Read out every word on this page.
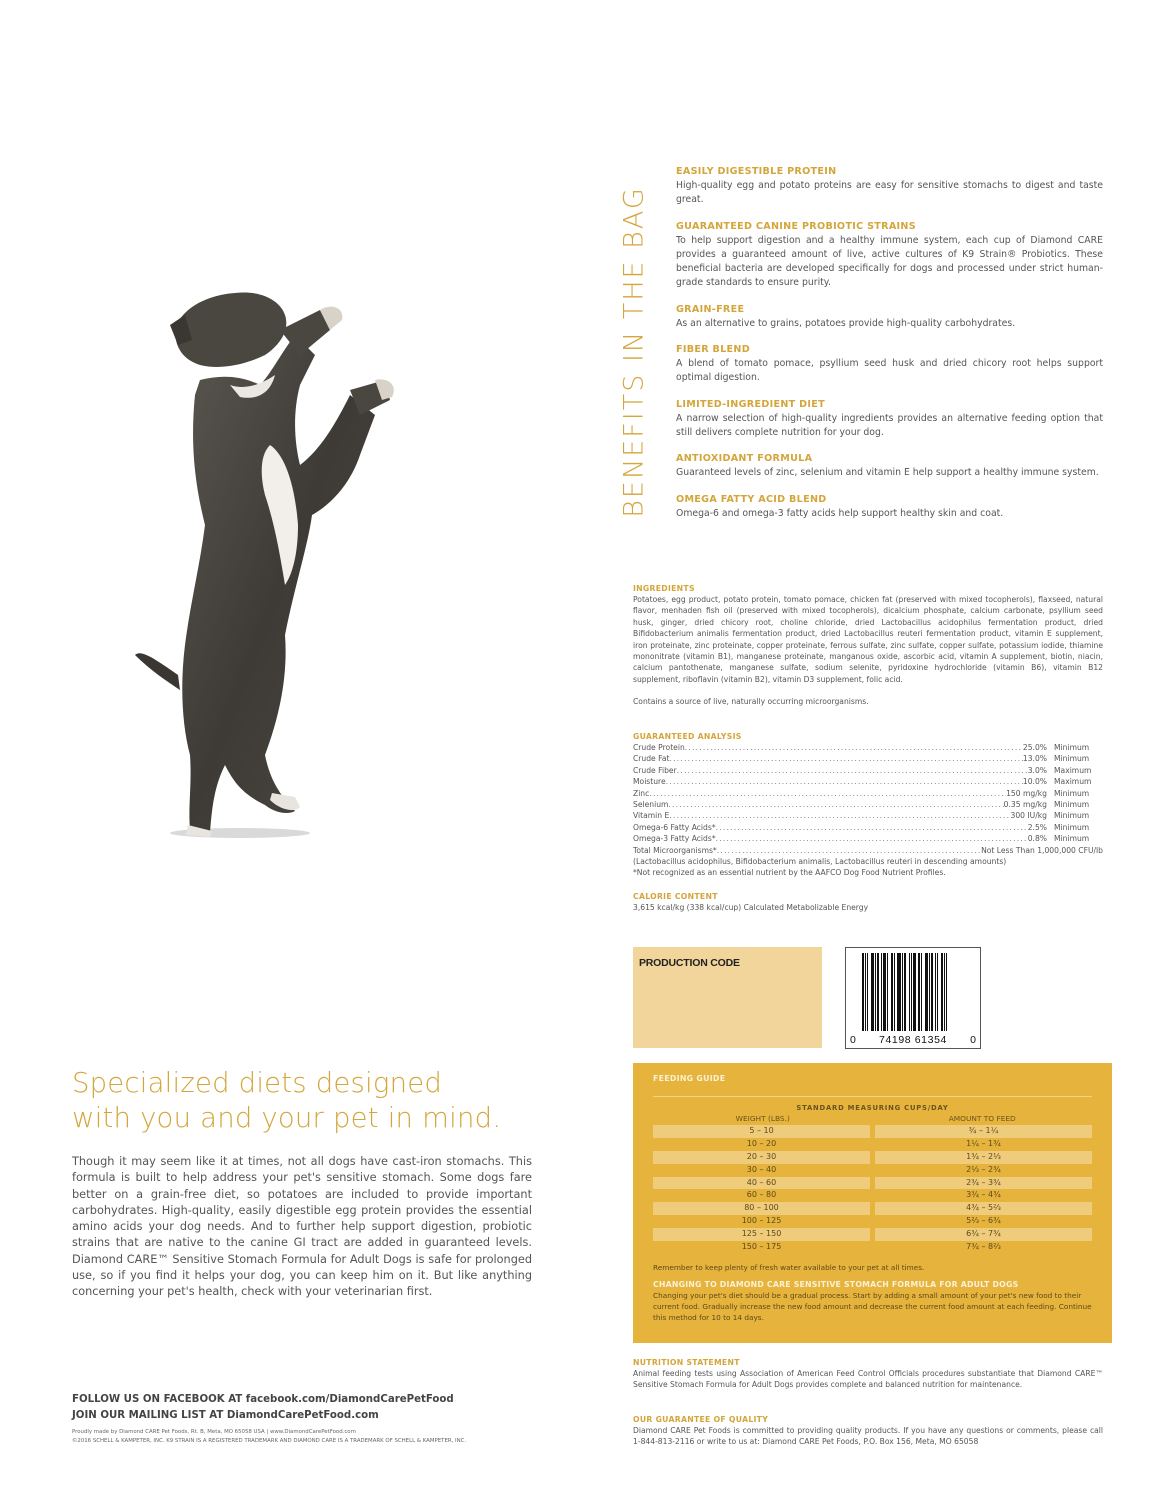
Specialized diets designed
with you and your pet in mind.

Though it may seem like it at times, not all dogs have cast-iron stomachs. This formula is built to help address your pet's sensitive stomach. Some dogs fare better on a grain-free diet, so potatoes are included to provide important carbohydrates. High-quality, easily digestible egg protein provides the essential amino acids your dog needs. And to further help support digestion, probiotic strains that are native to the canine GI tract are added in guaranteed levels. Diamond CARE™ Sensitive Stomach Formula for Adult Dogs is safe for prolonged use, so if you find it helps your dog, you can keep him on it. But like anything concerning your pet's health, check with your veterinarian first.

FOLLOW US ON FACEBOOK AT facebook.com/DiamondCarePetFood
JOIN OUR MAILING LIST AT DiamondCarePetFood.com
Proudly made by Diamond CARE Pet Foods, Rt. B, Meta, MO 65058 USA | www.DiamondCarePetFood.com
©2016 SCHELL & KAMPETER, INC. K9 STRAIN IS A REGISTERED TRADEMARK AND DIAMOND CARE IS A TRADEMARK OF SCHELL & KAMPETER, INC.
BENEFITS IN THE BAG
EASILY DIGESTIBLE PROTEIN
High-quality egg and potato proteins are easy for sensitive stomachs to digest and taste great.
GUARANTEED CANINE PROBIOTIC STRAINS
To help support digestion and a healthy immune system, each cup of Diamond CARE provides a guaranteed amount of live, active cultures of K9 Strain® Probiotics. These beneficial bacteria are developed specifically for dogs and processed under strict human-grade standards to ensure purity.
GRAIN-FREE
As an alternative to grains, potatoes provide high-quality carbohydrates.
FIBER BLEND
A blend of tomato pomace, psyllium seed husk and dried chicory root helps support optimal digestion.
LIMITED-INGREDIENT DIET
A narrow selection of high-quality ingredients provides an alternative feeding option that still delivers complete nutrition for your dog.
ANTIOXIDANT FORMULA
Guaranteed levels of zinc, selenium and vitamin E help support a healthy immune system.
OMEGA FATTY ACID BLEND
Omega-6 and omega-3 fatty acids help support healthy skin and coat.
INGREDIENTS

Potatoes, egg product, potato protein, tomato pomace, chicken fat (preserved with mixed tocopherols), flaxseed, natural flavor, menhaden fish oil (preserved with mixed tocopherols), dicalcium phosphate, calcium carbonate, psyllium seed husk, ginger, dried chicory root, choline chloride, dried Lactobacillus acidophilus fermentation product, dried Bifidobacterium animalis fermentation product, dried Lactobacillus reuteri fermentation product, vitamin E supplement, iron proteinate, zinc proteinate, copper proteinate, ferrous sulfate, zinc sulfate, copper sulfate, potassium iodide, thiamine mononitrate (vitamin B1), manganese proteinate, manganous oxide, ascorbic acid, vitamin A supplement, biotin, niacin, calcium pantothenate, manganese sulfate, sodium selenite, pyridoxine hydrochloride (vitamin B6), vitamin B12 supplement, riboflavin (vitamin B2), vitamin D3 supplement, folic acid.

Contains a source of live, naturally occurring microorganisms.

GUARANTEED ANALYSIS
Crude Protein . . .	25.0% Minimum
Crude Fat . . .	13.0% Minimum
Crude Fiber . . .	3.0% Maximum
Moisture . . .	10.0% Maximum
Zinc . . .	150 mg/kg Minimum
Selenium . . .	0.35 mg/kg Minimum
Vitamin E . . .	300 IU/kg Minimum
Omega-6 Fatty Acids* . . .	2.5% Minimum
Omega-3 Fatty Acids* . . .	0.8% Minimum
Total Microorganisms* . . .	Not Less Than 1,000,000 CFU/lb
(Lactobacillus acidophilus, Bifidobacterium animalis, Lactobacillus reuteri in descending amounts)
*Not recognized as an essential nutrient by the AAFCO Dog Food Nutrient Profiles.
CALORIE CONTENT
3,615 kcal/kg (338 kcal/cup) Calculated Metabolizable Energy
PRODUCTION CODE
0 74198 61354 0
FEEDING GUIDE
STANDARD MEASURING CUPS/DAY
WEIGHT (LBS.)	AMOUNT TO FEED
5 – 10	¾ – 1¼
10 – 20	1¼ – 1¾
20 – 30	1¾ – 2⅓
30 – 40	2⅓ – 2¾
40 – 60	2¾ – 3¾
60 – 80	3¾ – 4¾
80 – 100	4¾ – 5⅔
100 – 125	5⅔ – 6¾
125 – 150	6¾ – 7¾
150 – 175	7¾ – 8⅔
Remember to keep plenty of fresh water available to your pet at all times.
CHANGING TO DIAMOND CARE SENSITIVE STOMACH FORMULA FOR ADULT DOGS
Changing your pet's diet should be a gradual process. Start by adding a small amount of your pet's new food to their current food. Gradually increase the new food amount and decrease the current food amount at each feeding. Continue this method for 10 to 14 days.
NUTRITION STATEMENT
Animal feeding tests using Association of American Feed Control Officials procedures substantiate that Diamond CARE™ Sensitive Stomach Formula for Adult Dogs provides complete and balanced nutrition for maintenance.
OUR GUARANTEE OF QUALITY
Diamond CARE Pet Foods is committed to providing quality products. If you have any questions or comments, please call 1-844-813-2116 or write to us at: Diamond CARE Pet Foods, P.O. Box 156, Meta, MO 65058
